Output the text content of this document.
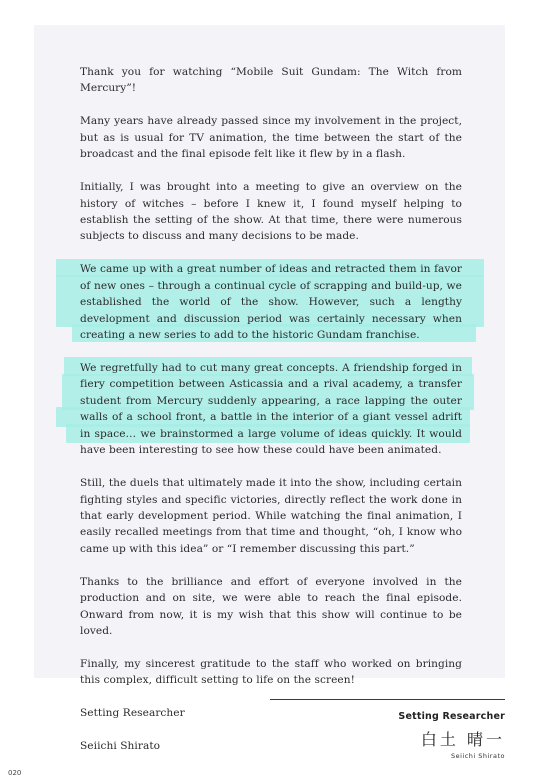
Thank you for watching “Mobile Suit Gundam: The Witch from Mercury”!

Many years have already passed since my involvement in the project, but as is usual for TV animation, the time between the start of the broadcast and the final episode felt like it flew by in a flash.

Initially, I was brought into a meeting to give an overview on the history of witches – before I knew it, I found myself helping to establish the setting of the show. At that time, there were numerous subjects to discuss and many decisions to be made.

We came up with a great number of ideas and retracted them in favor of new ones – through a continual cycle of scrapping and build-up, we established the world of the show. However, such a lengthy development and discussion period was certainly necessary when creating a new series to add to the historic Gundam franchise.

We regretfully had to cut many great concepts. A friendship forged in fiery competition between Asticassia and a rival academy, a transfer student from Mercury suddenly appearing, a race lapping the outer walls of a school front, a battle in the interior of a giant vessel adrift in space… we brainstormed a large volume of ideas quickly. It would have been interesting to see how these could have been animated.

Still, the duels that ultimately made it into the show, including certain fighting styles and specific victories, directly reflect the work done in that early development period. While watching the final animation, I easily recalled meetings from that time and thought, “oh, I know who came up with this idea” or “I remember discussing this part.”

Thanks to the brilliance and effort of everyone involved in the production and on site, we were able to reach the final episode. Onward from now, it is my wish that this show will continue to be loved.

Finally, my sincerest gratitude to the staff who worked on bringing this complex, difficult setting to life on the screen!

Setting Researcher

Seiichi Shirato

Setting Researcher
白土 晴一
Seiichi Shirato
020
